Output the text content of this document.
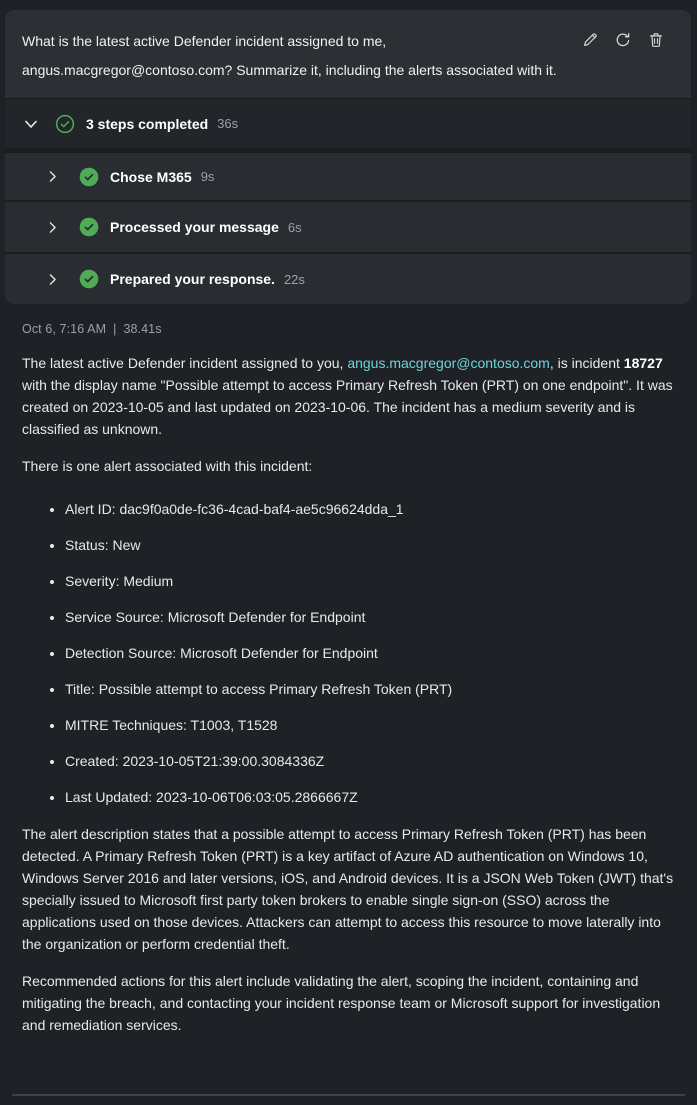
What is the latest active Defender incident assigned to me, angus.macgregor@contoso.com? Summarize it, including the alerts associated with it.
3 steps completed 36s
Chose M365 9s
Processed your message 6s
Prepared your response. 22s
Oct 6, 7:16 AM | 38.41s

The latest active Defender incident assigned to you, angus.macgregor@contoso.com, is incident 18727 with the display name "Possible attempt to access Primary Refresh Token (PRT) on one endpoint". It was created on 2023-10-05 and last updated on 2023-10-06. The incident has a medium severity and is classified as unknown.

There is one alert associated with this incident:

• Alert ID: dac9f0a0de-fc36-4cad-baf4-ae5c96624dda_1
• Status: New
• Severity: Medium
• Service Source: Microsoft Defender for Endpoint
• Detection Source: Microsoft Defender for Endpoint
• Title: Possible attempt to access Primary Refresh Token (PRT)
• MITRE Techniques: T1003, T1528
• Created: 2023-10-05T21:39:00.3084336Z
• Last Updated: 2023-10-06T06:03:05.2866667Z

The alert description states that a possible attempt to access Primary Refresh Token (PRT) has been detected. A Primary Refresh Token (PRT) is a key artifact of Azure AD authentication on Windows 10, Windows Server 2016 and later versions, iOS, and Android devices. It is a JSON Web Token (JWT) that's specially issued to Microsoft first party token brokers to enable single sign-on (SSO) across the applications used on those devices. Attackers can attempt to access this resource to move laterally into the organization or perform credential theft.

Recommended actions for this alert include validating the alert, scoping the incident, containing and mitigating the breach, and contacting your incident response team or Microsoft support for investigation and remediation services.
